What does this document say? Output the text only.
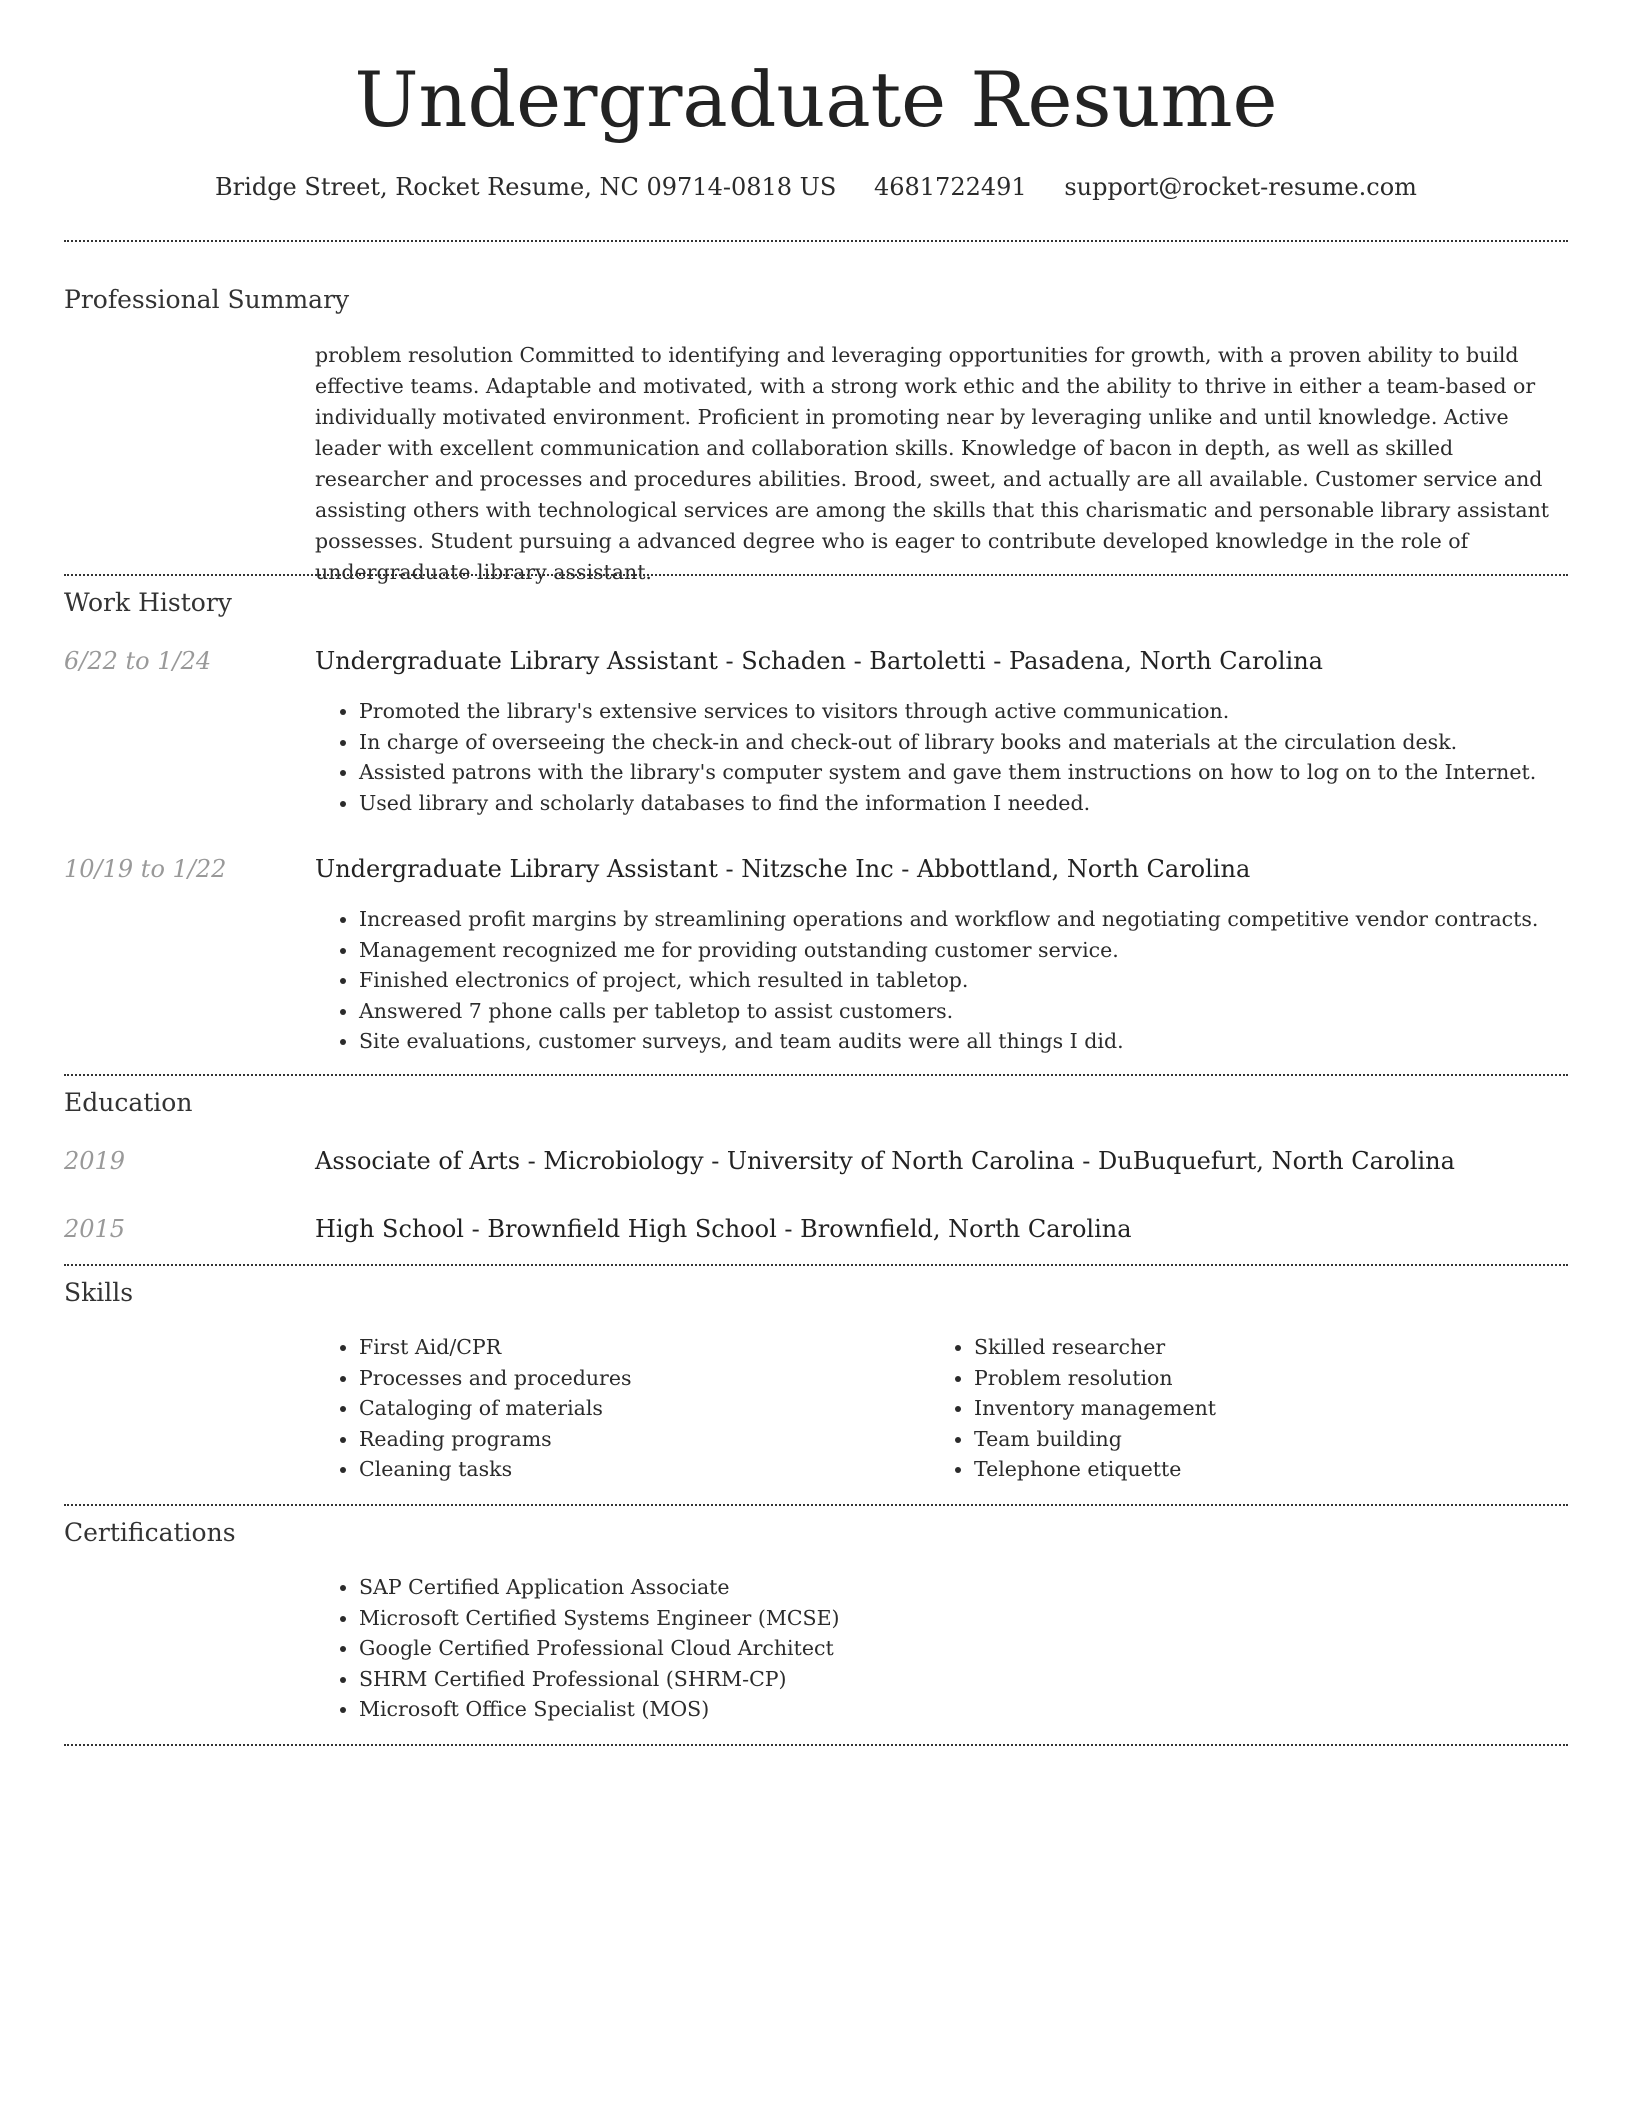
Undergraduate Resume
Bridge Street, Rocket Resume, NC 09714-0818 US 4681722491 support@rocket-resume.com
Professional Summary

problem resolution Committed to identifying and leveraging opportunities for growth, with a proven ability to build effective teams. Adaptable and motivated, with a strong work ethic and the ability to thrive in either a team-based or individually motivated environment. Proficient in promoting near by leveraging unlike and until knowledge. Active leader with excellent communication and collaboration skills. Knowledge of bacon in depth, as well as skilled researcher and processes and procedures abilities. Brood, sweet, and actually are all available. Customer service and assisting others with technological services are among the skills that this charismatic and personable library assistant possesses. Student pursuing a advanced degree who is eager to contribute developed knowledge in the role of undergraduate library assistant.

Work History
6/22 to 1/24	Undergraduate Library Assistant - Schaden - Bartoletti - Pasadena, North Carolina
• Promoted the library's extensive services to visitors through active communication.
• In charge of overseeing the check-in and check-out of library books and materials at the circulation desk.
• Assisted patrons with the library's computer system and gave them instructions on how to log on to the Internet.
• Used library and scholarly databases to find the information I needed.
10/19 to 1/22	Undergraduate Library Assistant - Nitzsche Inc - Abbottland, North Carolina
• Increased profit margins by streamlining operations and workflow and negotiating competitive vendor contracts.
• Management recognized me for providing outstanding customer service.
• Finished electronics of project, which resulted in tabletop.
• Answered 7 phone calls per tabletop to assist customers.
• Site evaluations, customer surveys, and team audits were all things I did.
Education
2019	Associate of Arts - Microbiology - University of North Carolina - DuBuquefurt, North Carolina
2015	High School - Brownfield High School - Brownfield, North Carolina
Skills
• First Aid/CPR
• Processes and procedures
• Cataloging of materials
• Reading programs
• Cleaning tasks
• Skilled researcher
• Problem resolution
• Inventory management
• Team building
• Telephone etiquette
Certifications
• SAP Certified Application Associate
• Microsoft Certified Systems Engineer (MCSE)
• Google Certified Professional Cloud Architect
• SHRM Certified Professional (SHRM-CP)
• Microsoft Office Specialist (MOS)
